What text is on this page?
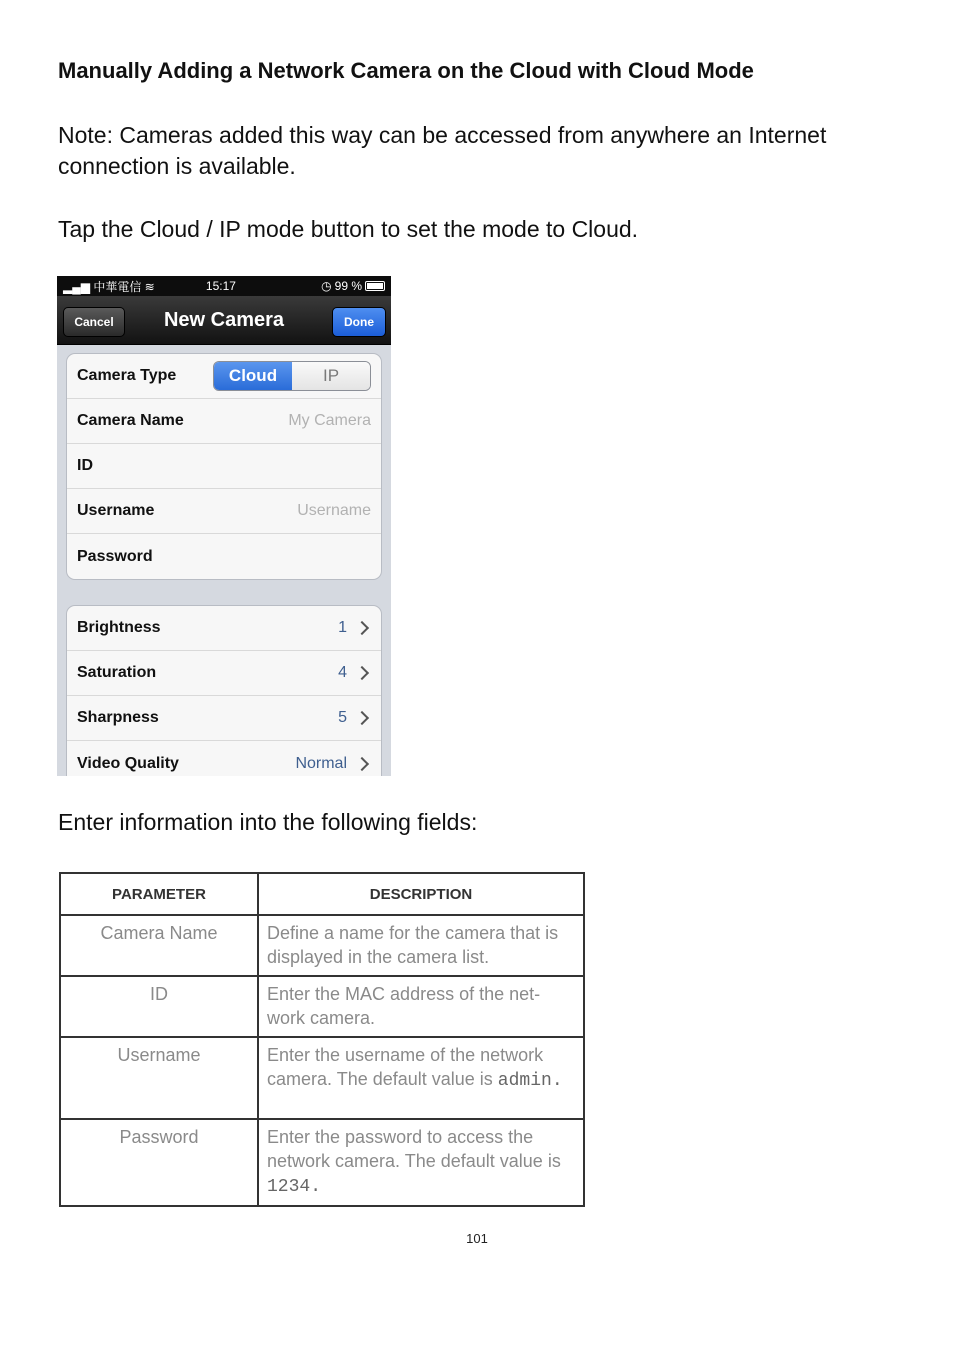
Manually Adding a Network Camera on the Cloud with Cloud Mode
Note: Cameras added this way can be accessed from anywhere an Internet
connection is available.
Tap the Cloud / IP mode button to set the mode to Cloud.
▂▄▆ 中華電信 ≋	15:17	◷ 99 %
Cancel	New Camera	Done
Camera Type	Cloud	IP
Camera Name	My Camera
ID
Username	Username
Password
Brightness	1
Saturation	4
Sharpness	5
Video Quality	Normal
Enter information into the following fields:
PARAMETER	DESCRIPTION
Camera Name	Define a name for the camera that is displayed in the camera list.
ID	Enter the MAC address of the net-work camera.
Username	Enter the username of the network camera. The default value is admin.
Password	Enter the password to access the network camera. The default value is 1234.
101
